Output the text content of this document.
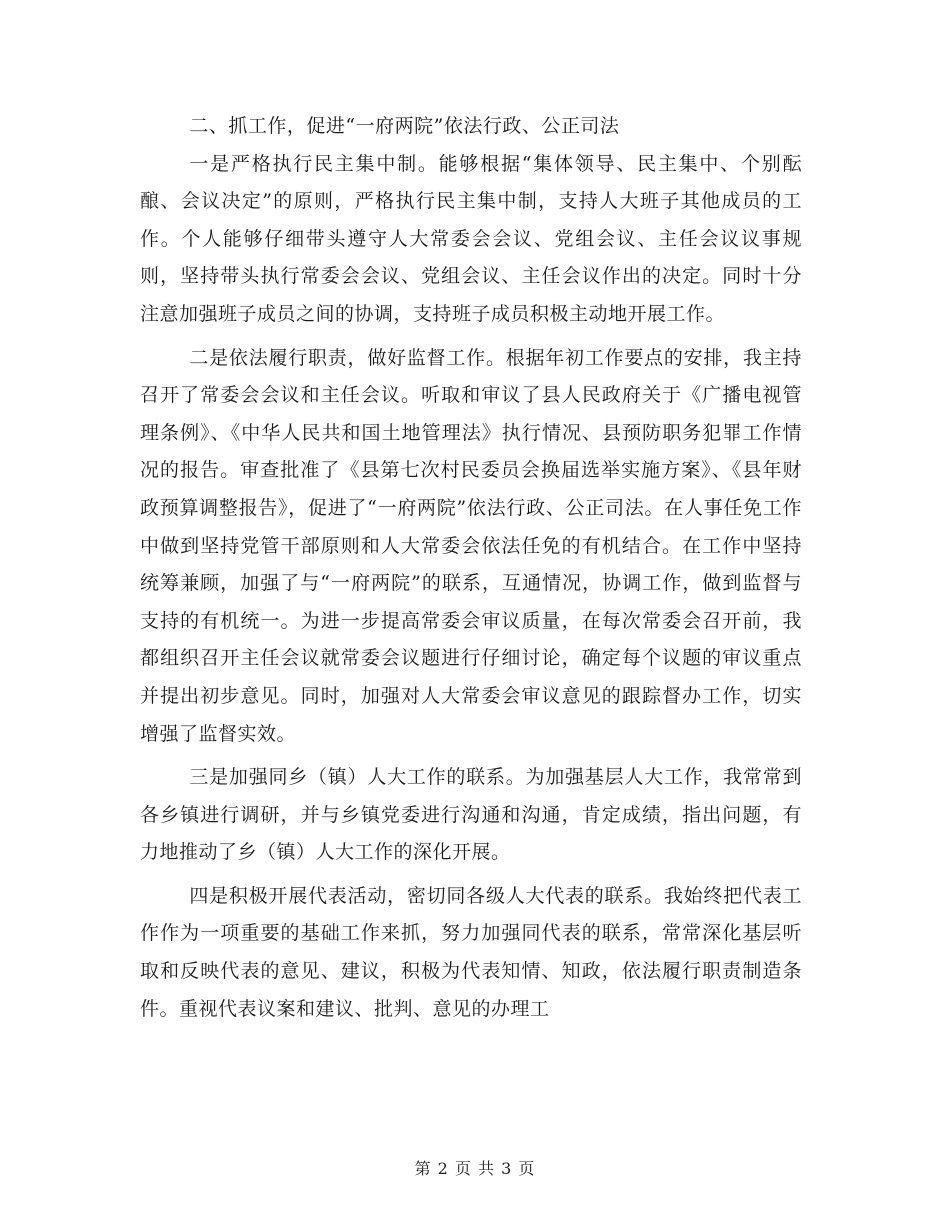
二、抓工作，促进“一府两院”依法行政、公正司法

一是严格执行民主集中制。能够根据“集体领导、民主集中、个别酝酿、会议决定”的原则，严格执行民主集中制，支持人大班子其他成员的工作。个人能够仔细带头遵守人大常委会会议、党组会议、主任会议议事规则，坚持带头执行常委会会议、党组会议、主任会议作出的决定。同时十分注意加强班子成员之间的协调，支持班子成员积极主动地开展工作。

二是依法履行职责，做好监督工作。根据年初工作要点的安排，我主持召开了常委会会议和主任会议。听取和审议了县人民政府关于《广播电视管理条例》、《中华人民共和国土地管理法》执行情况、县预防职务犯罪工作情况的报告。审查批准了《县第七次村民委员会换届选举实施方案》、《县年财政预算调整报告》，促进了“一府两院”依法行政、公正司法。在人事任免工作中做到坚持党管干部原则和人大常委会依法任免的有机结合。在工作中坚持统筹兼顾，加强了与“一府两院”的联系，互通情况，协调工作，做到监督与支持的有机统一。为进一步提高常委会审议质量，在每次常委会召开前，我都组织召开主任会议就常委会议题进行仔细讨论，确定每个议题的审议重点并提出初步意见。同时，加强对人大常委会审议意见的跟踪督办工作，切实增强了监督实效。

三是加强同乡（镇）人大工作的联系。为加强基层人大工作，我常常到各乡镇进行调研，并与乡镇党委进行沟通和沟通，肯定成绩，指出问题，有力地推动了乡（镇）人大工作的深化开展。

四是积极开展代表活动，密切同各级人大代表的联系。我始终把代表工作作为一项重要的基础工作来抓，努力加强同代表的联系，常常深化基层听取和反映代表的意见、建议，积极为代表知情、知政，依法履行职责制造条件。重视代表议案和建议、批判、意见的办理工

第 2 页 共 3 页
